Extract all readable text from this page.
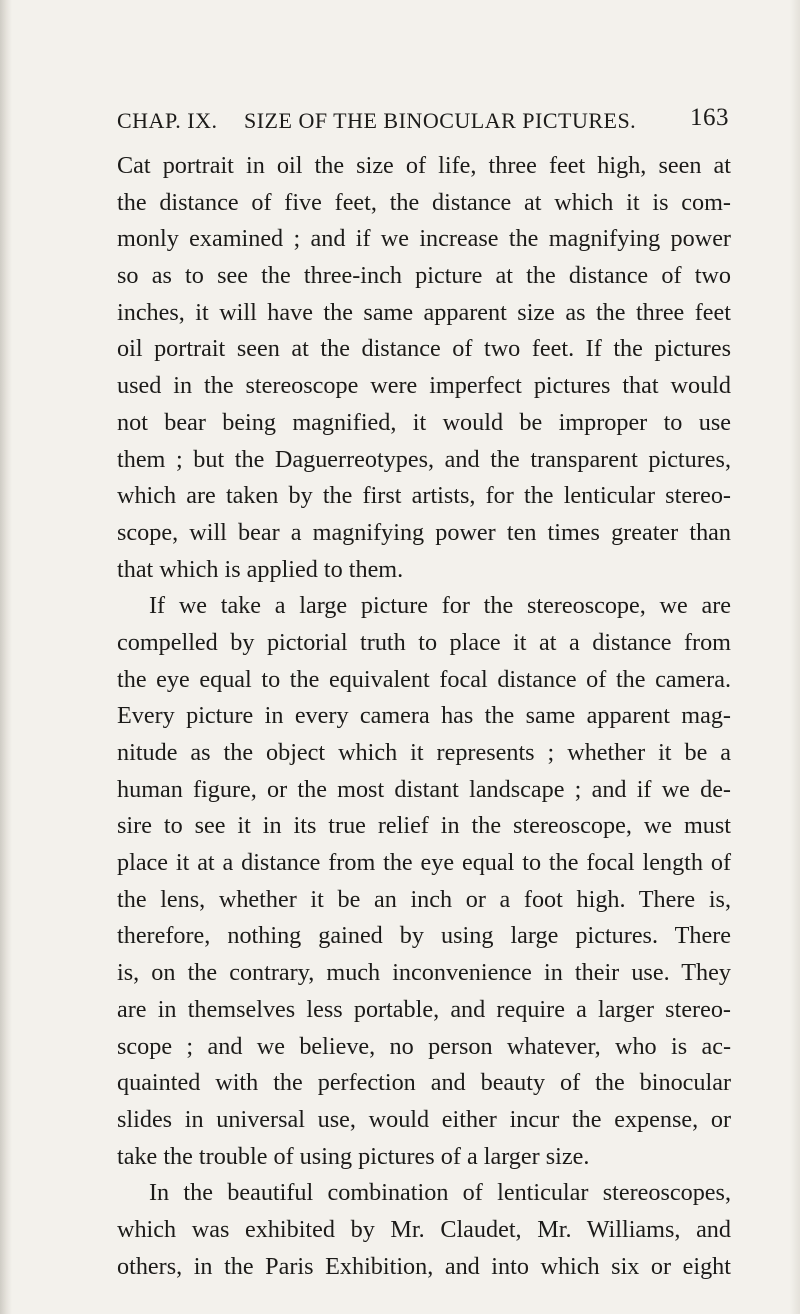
CHAP. IX. SIZE OF THE BINOCULAR PICTURES. 163
Cat portrait in oil the size of life, three feet high, seen at
the distance of five feet, the distance at which it is com-
monly examined ; and if we increase the magnifying power
so as to see the three-inch picture at the distance of two
inches, it will have the same apparent size as the three feet
oil portrait seen at the distance of two feet. If the pictures
used in the stereoscope were imperfect pictures that would
not bear being magnified, it would be improper to use
them ; but the Daguerreotypes, and the transparent pictures,
which are taken by the first artists, for the lenticular stereo-
scope, will bear a magnifying power ten times greater than
that which is applied to them.
If we take a large picture for the stereoscope, we are
compelled by pictorial truth to place it at a distance from
the eye equal to the equivalent focal distance of the camera.
Every picture in every camera has the same apparent mag-
nitude as the object which it represents ; whether it be a
human figure, or the most distant landscape ; and if we de-
sire to see it in its true relief in the stereoscope, we must
place it at a distance from the eye equal to the focal length of
the lens, whether it be an inch or a foot high. There is,
therefore, nothing gained by using large pictures. There
is, on the contrary, much inconvenience in their use. They
are in themselves less portable, and require a larger stereo-
scope ; and we believe, no person whatever, who is ac-
quainted with the perfection and beauty of the binocular
slides in universal use, would either incur the expense, or
take the trouble of using pictures of a larger size.
In the beautiful combination of lenticular stereoscopes,
which was exhibited by Mr. Claudet, Mr. Williams, and
others, in the Paris Exhibition, and into which six or eight
